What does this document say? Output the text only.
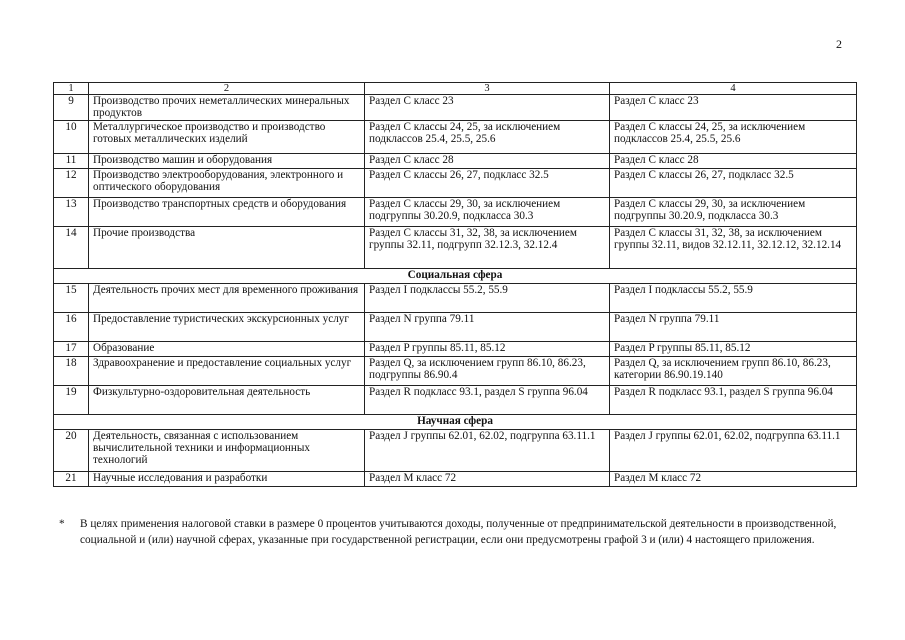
2
1	2	3	4
9	Производство прочих неметаллических минеральных продуктов	Раздел C класс 23	Раздел C класс 23
10	Металлургическое производство и производство готовых металлических изделий	Раздел C классы 24, 25, за исключением подклассов 25.4, 25.5, 25.6	Раздел C классы 24, 25, за исключением подклассов 25.4, 25.5, 25.6
11	Производство машин и оборудования	Раздел C класс 28	Раздел C класс 28
12	Производство электрооборудования, электронного и оптического оборудования	Раздел C классы 26, 27, подкласс 32.5	Раздел C классы 26, 27, подкласс 32.5
13	Производство транспортных средств и оборудования	Раздел C классы 29, 30, за исключением подгруппы 30.20.9, подкласса 30.3	Раздел C классы 29, 30, за исключением подгруппы 30.20.9, подкласса 30.3
14	Прочие производства	Раздел C классы 31, 32, 38, за исключением группы 32.11, подгрупп 32.12.3, 32.12.4	Раздел C классы 31, 32, 38, за исключением группы 32.11, видов 32.12.11, 32.12.12, 32.12.14
Социальная сфера			
15	Деятельность прочих мест для временного проживания	Раздел I подклассы 55.2, 55.9	Раздел I подклассы 55.2, 55.9
16	Предоставление туристических экскурсионных услуг	Раздел N группа 79.11	Раздел N группа 79.11
17	Образование	Раздел P группы 85.11, 85.12	Раздел P группы 85.11, 85.12
18	Здравоохранение и предоставление социальных услуг	Раздел Q, за исключением групп 86.10, 86.23, подгруппы 86.90.4	Раздел Q, за исключением групп 86.10, 86.23, категории 86.90.19.140
19	Физкультурно-оздоровительная деятельность	Раздел R подкласс 93.1, раздел S группа 96.04	Раздел R подкласс 93.1, раздел S группа 96.04
Научная сфера			
20	Деятельность, связанная с использованием вычислительной техники и информационных технологий	Раздел J группы 62.01, 62.02, подгруппа 63.11.1	Раздел J группы 62.01, 62.02, подгруппа 63.11.1
21	Научные исследования и разработки	Раздел M класс 72	Раздел M класс 72
*	В целях применения налоговой ставки в размере 0 процентов учитываются доходы, полученные от предпринимательской деятельности в производственной, социальной и (или) научной сферах, указанные при государственной регистрации, если они предусмотрены графой 3 и (или) 4 настоящего приложения.
